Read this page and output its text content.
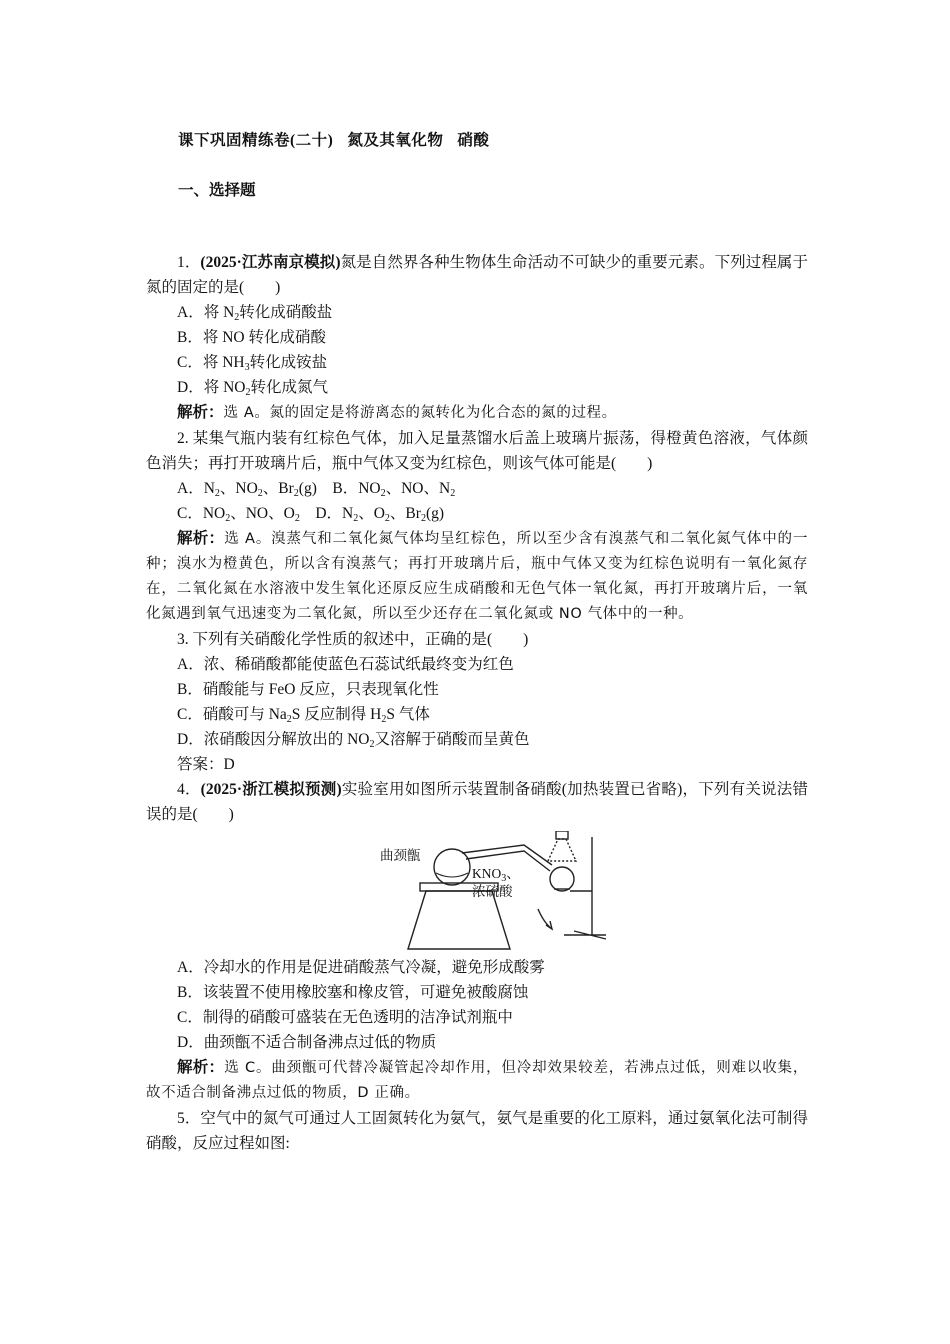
课下巩固精练卷(二十) 氮及其氧化物 硝酸
一、选择题

1．(2025·江苏南京模拟)氮是自然界各种生物体生命活动不可缺少的重要元素。下列过程属于氮的固定的是(　　)

A．将 $N_2$转化成硝酸盐

B．将 NO 转化成硝酸

C．将 $NH_3$转化成铵盐

D．将 $NO_2$转化成氮气

解析：选 A。氮的固定是将游离态的氮转化为化合态的氮的过程。

2. 某集气瓶内装有红棕色气体，加入足量蒸馏水后盖上玻璃片振荡，得橙黄色溶液，气体颜色消失；再打开玻璃片后，瓶中气体又变为红棕色，则该气体可能是(　　)

A．$N_2$、$NO_2$、$Br_2(g)$　B．$NO_2$、NO、$N_2$

C．$NO_2$、NO、$O_2$　D．$N_2$、$O_2$、$Br_2(g)$

解析：选 A。溴蒸气和二氧化氮气体均呈红棕色，所以至少含有溴蒸气和二氧化氮气体中的一种；溴水为橙黄色，所以含有溴蒸气；再打开玻璃片后，瓶中气体又变为红棕色说明有一氧化氮存在，二氧化氮在水溶液中发生氧化还原反应生成硝酸和无色气体一氧化氮，再打开玻璃片后，一氧化氮遇到氧气迅速变为二氧化氮，所以至少还存在二氧化氮或 NO 气体中的一种。

3. 下列有关硝酸化学性质的叙述中，正确的是(　　)

A．浓、稀硝酸都能使蓝色石蕊试纸最终变为红色

B．硝酸能与 FeO 反应，只表现氧化性

C．硝酸可与 $Na_2S$ 反应制得 $H_2S$ 气体

D．浓硝酸因分解放出的 $NO_2$又溶解于硝酸而呈黄色

答案：D

4．(2025·浙江模拟预测)实验室用如图所示装置制备硝酸(加热装置已省略)，下列有关说法错误的是(　　)

曲颈甑
$KNO_3$、
浓硫酸

A．冷却水的作用是促进硝酸蒸气冷凝，避免形成酸雾

B．该装置不使用橡胶塞和橡皮管，可避免被酸腐蚀

C．制得的硝酸可盛装在无色透明的洁净试剂瓶中

D．曲颈甑不适合制备沸点过低的物质

解析：选 C。曲颈甑可代替冷凝管起冷却作用，但冷却效果较差，若沸点过低，则难以收集，故不适合制备沸点过低的物质，D 正确。

5．空气中的氮气可通过人工固氮转化为氨气，氨气是重要的化工原料，通过氨氧化法可制得硝酸，反应过程如图:
